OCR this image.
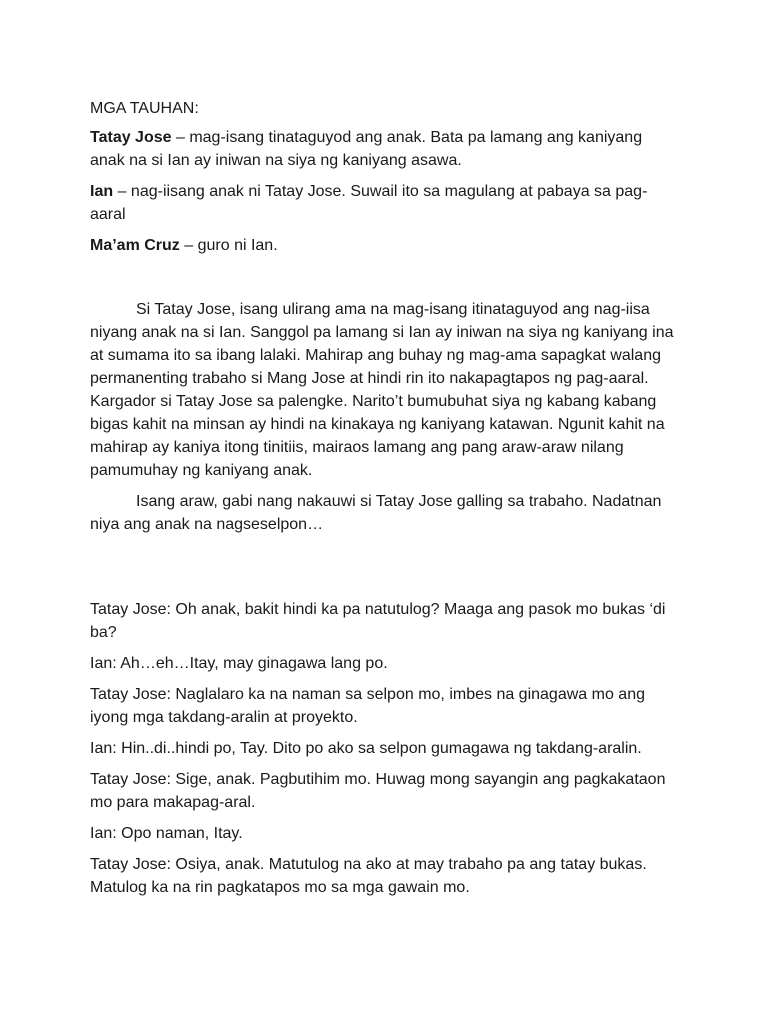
MGA TAUHAN:

Tatay Jose – mag-isang tinataguyod ang anak. Bata pa lamang ang kaniyang anak na si Ian ay iniwan na siya ng kaniyang asawa.

Ian – nag-iisang anak ni Tatay Jose. Suwail ito sa magulang at pabaya sa pag-aaral

Ma’am Cruz – guro ni Ian.

Si Tatay Jose, isang ulirang ama na mag-isang itinataguyod ang nag-iisa niyang anak na si Ian. Sanggol pa lamang si Ian ay iniwan na siya ng kaniyang ina at sumama ito sa ibang lalaki. Mahirap ang buhay ng mag-ama sapagkat walang permanenting trabaho si Mang Jose at hindi rin ito nakapagtapos ng pag-aaral. Kargador si Tatay Jose sa palengke. Narito’t bumubuhat siya ng kabang kabang bigas kahit na minsan ay hindi na kinakaya ng kaniyang katawan. Ngunit kahit na mahirap ay kaniya itong tinitiis, mairaos lamang ang pang araw-araw nilang pamumuhay ng kaniyang anak.

Isang araw, gabi nang nakauwi si Tatay Jose galling sa trabaho. Nadatnan niya ang anak na nagseselpon…

Tatay Jose: Oh anak, bakit hindi ka pa natutulog? Maaga ang pasok mo bukas ‘di ba?

Ian: Ah…eh…Itay, may ginagawa lang po.

Tatay Jose: Naglalaro ka na naman sa selpon mo, imbes na ginagawa mo ang iyong mga takdang-aralin at proyekto.

Ian: Hin..di..hindi po, Tay. Dito po ako sa selpon gumagawa ng takdang-aralin.

Tatay Jose: Sige, anak. Pagbutihim mo. Huwag mong sayangin ang pagkakataon mo para makapag-aral.

Ian: Opo naman, Itay.

Tatay Jose: Osiya, anak. Matutulog na ako at may trabaho pa ang tatay bukas. Matulog ka na rin pagkatapos mo sa mga gawain mo.
